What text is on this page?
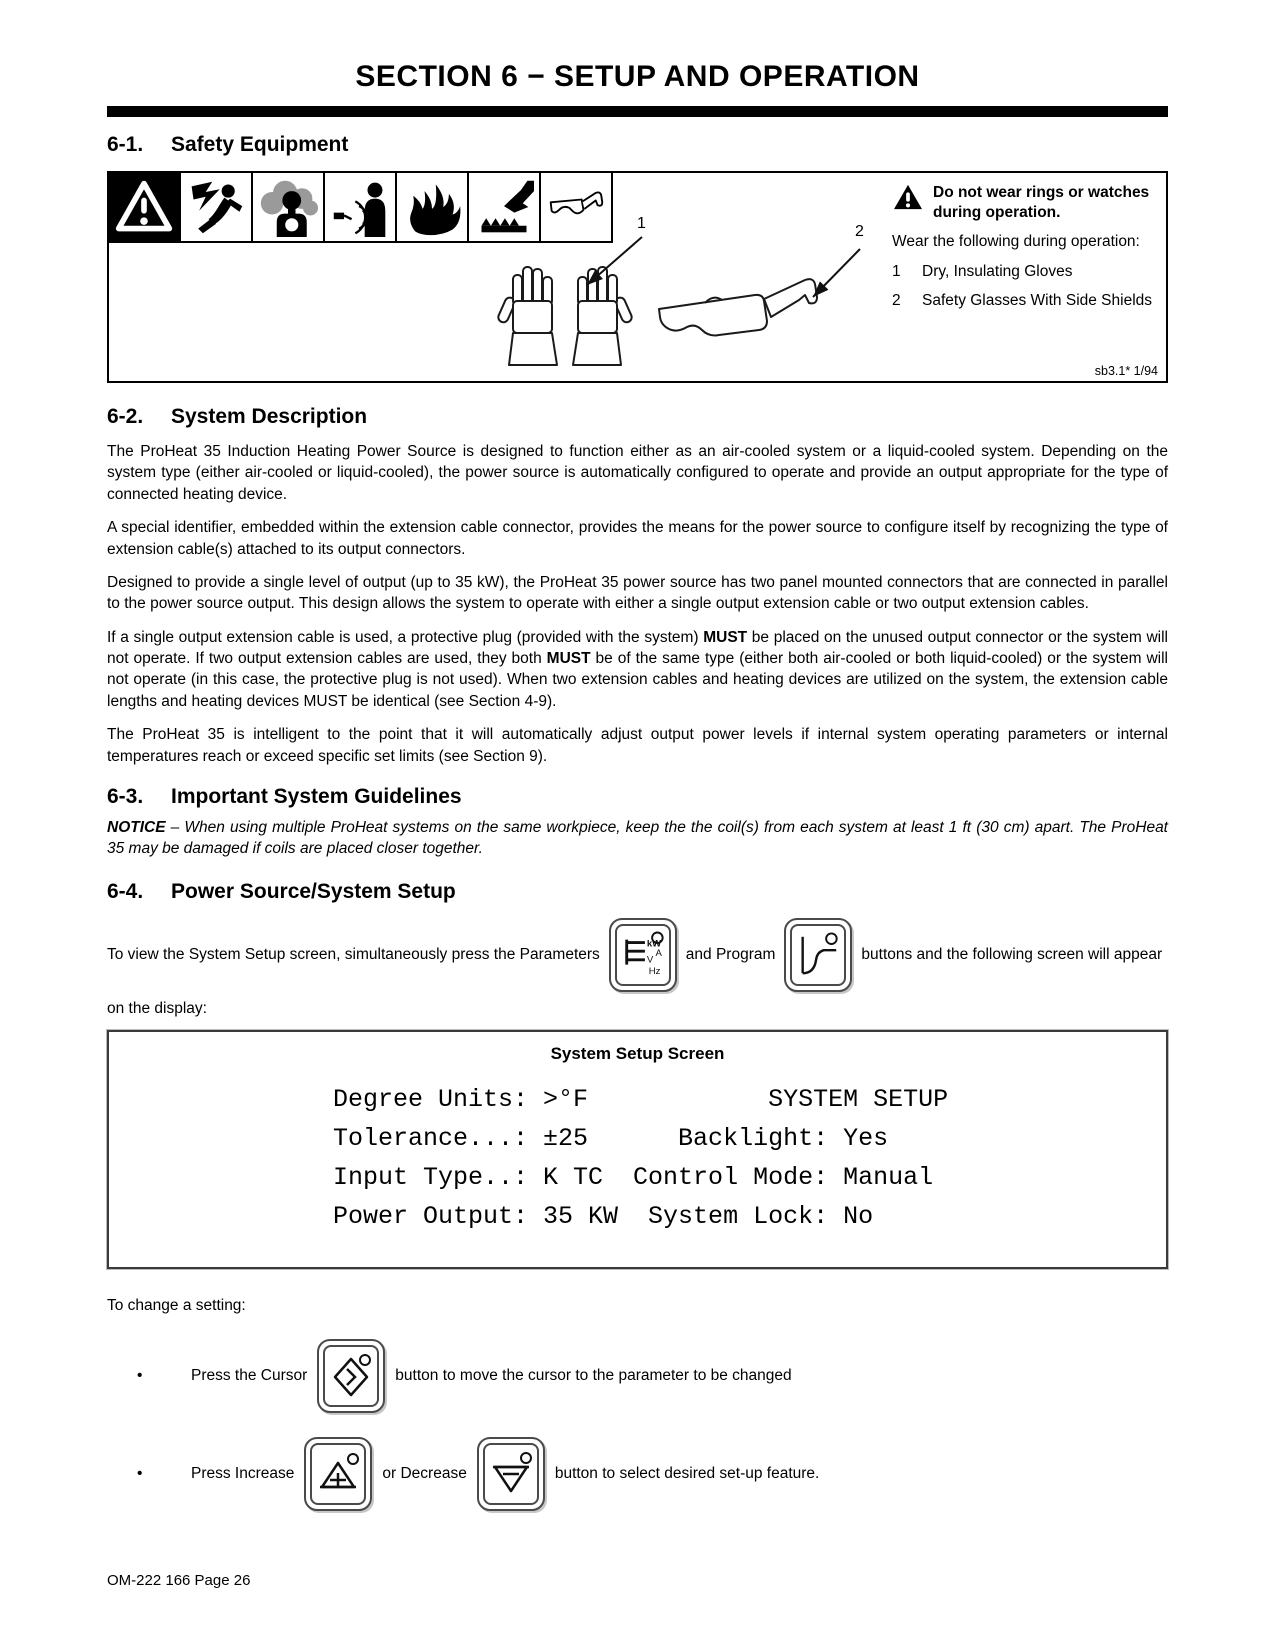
SECTION 6 − SETUP AND OPERATION
6-1.	Safety Equipment
1	2
Do not wear rings or watches during operation.
Wear the following during operation:
1	Dry, Insulating Gloves
2	Safety Glasses With Side Shields
sb3.1* 1/94
6-2.	System Description

The ProHeat 35 Induction Heating Power Source is designed to function either as an air-cooled system or a liquid-cooled system. Depending on the system type (either air-cooled or liquid-cooled), the power source is automatically configured to operate and provide an output appropriate for the type of connected heating device.

A special identifier, embedded within the extension cable connector, provides the means for the power source to configure itself by recognizing the type of extension cable(s) attached to its output connectors.

Designed to provide a single level of output (up to 35 kW), the ProHeat 35 power source has two panel mounted connectors that are connected in parallel to the power source output. This design allows the system to operate with either a single output extension cable or two output extension cables.

If a single output extension cable is used, a protective plug (provided with the system) MUST be placed on the unused output connector or the system will not operate. If two output extension cables are used, they both MUST be of the same type (either both air-cooled or both liquid-cooled) or the system will not operate (in this case, the protective plug is not used). When two extension cables and heating devices are utilized on the system, the extension cable lengths and heating devices MUST be identical (see Section 4-9).

The ProHeat 35 is intelligent to the point that it will automatically adjust output power levels if internal system operating parameters or internal temperatures reach or exceed specific set limits (see Section 9).

6-3.	Important System Guidelines

NOTICE – When using multiple ProHeat systems on the same workpiece, keep the the coil(s) from each system at least 1 ft (30 cm) apart. The ProHeat 35 may be damaged if coils are placed closer together.

6-4.	Power Source/System Setup
To view the System Setup screen, simultaneously press the Parameters
kW
A
V
Hz
and Program	buttons and the following screen will appear
on the display:
System Setup Screen
Degree Units: >°F            SYSTEM SETUP
Tolerance...: ±25      Backlight: Yes
Input Type..: K TC  Control Mode: Manual
Power Output: 35 KW  System Lock: No
To change a setting:
•	Press the Cursor	button to move the cursor to the parameter to be changed
•	Press Increase	or Decrease	button to select desired set-up feature.
OM-222 166 Page 26
